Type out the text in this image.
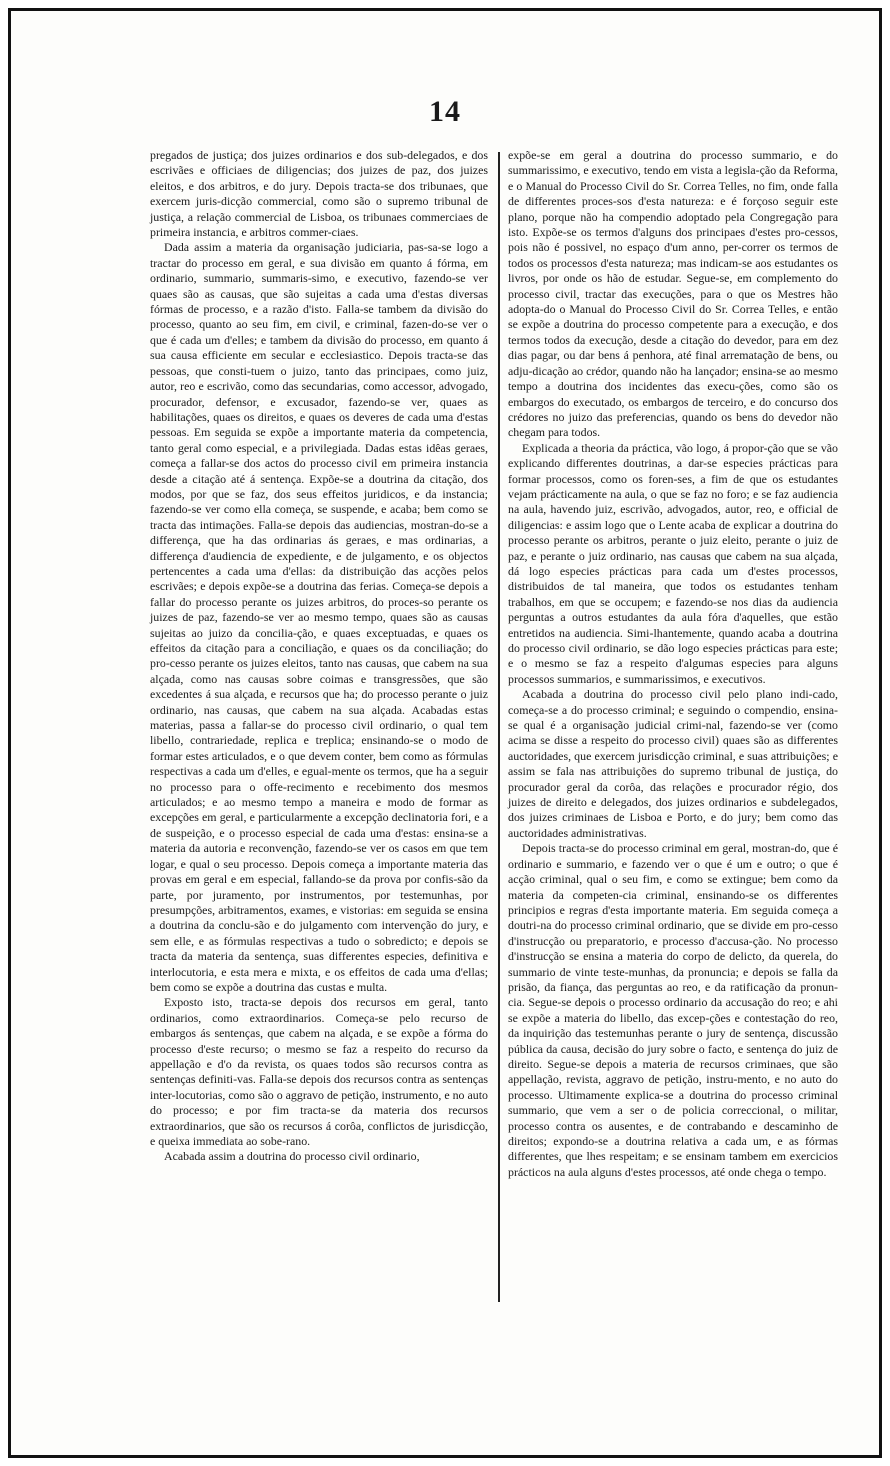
14

pregados de justiça; dos juizes ordinarios e dos sub-delegados, e dos escrivães e officiaes de diligencias; dos juizes de paz, dos juizes eleitos, e dos arbitros, e do jury. Depois tracta-se dos tribunaes, que exercem juris-dicção commercial, como são o supremo tribunal de justiça, a relação commercial de Lisboa, os tribunaes commerciaes de primeira instancia, e arbitros commer-ciaes.

Dada assim a materia da organisação judiciaria, pas-sa-se logo a tractar do processo em geral, e sua divisão em quanto á fórma, em ordinario, summario, summaris-simo, e executivo, fazendo-se ver quaes são as causas, que são sujeitas a cada uma d'estas diversas fórmas de processo, e a razão d'isto. Falla-se tambem da divisão do processo, quanto ao seu fim, em civil, e criminal, fazen-do-se ver o que é cada um d'elles; e tambem da divisão do processo, em quanto á sua causa efficiente em secular e ecclesiastico. Depois tracta-se das pessoas, que consti-tuem o juizo, tanto das principaes, como juiz, autor, reo e escrivão, como das secundarias, como accessor, advogado, procurador, defensor, e excusador, fazendo-se ver, quaes as habilitações, quaes os direitos, e quaes os deveres de cada uma d'estas pessoas. Em seguida se expõe a importante materia da competencia, tanto geral como especial, e a privilegiada. Dadas estas idêas geraes, começa a fallar-se dos actos do processo civil em primeira instancia desde a citação até á sentença. Expõe-se a doutrina da citação, dos modos, por que se faz, dos seus effeitos juridicos, e da instancia; fazendo-se ver como ella começa, se suspende, e acaba; bem como se tracta das intimações. Falla-se depois das audiencias, mostran-do-se a differença, que ha das ordinarias ás geraes, e mas ordinarias, a differença d'audiencia de expediente, e de julgamento, e os objectos pertencentes a cada uma d'ellas: da distribuição das acções pelos escrivães; e depois expõe-se a doutrina das ferias. Começa-se depois a fallar do processo perante os juizes arbitros, do proces-so perante os juizes de paz, fazendo-se ver ao mesmo tempo, quaes são as causas sujeitas ao juizo da concilia-ção, e quaes exceptuadas, e quaes os effeitos da citação para a conciliação, e quaes os da conciliação; do pro-cesso perante os juizes eleitos, tanto nas causas, que cabem na sua alçada, como nas causas sobre coimas e transgressões, que são excedentes á sua alçada, e recursos que ha; do processo perante o juiz ordinario, nas causas, que cabem na sua alçada. Acabadas estas materias, passa a fallar-se do processo civil ordinario, o qual tem libello, contrariedade, replica e treplica; ensinando-se o modo de formar estes articulados, e o que devem conter, bem como as fórmulas respectivas a cada um d'elles, e egual-mente os termos, que ha a seguir no processo para o offe-recimento e recebimento dos mesmos articulados; e ao mesmo tempo a maneira e modo de formar as excepções em geral, e particularmente a excepção declinatoria fori, e a de suspeição, e o processo especial de cada uma d'estas: ensina-se a materia da autoria e reconvenção, fazendo-se ver os casos em que tem logar, e qual o seu processo. Depois começa a importante materia das provas em geral e em especial, fallando-se da prova por confis-são da parte, por juramento, por instrumentos, por testemunhas, por presumpções, arbitramentos, exames, e vistorias: em seguida se ensina a doutrina da conclu-são e do julgamento com intervenção do jury, e sem elle, e as fórmulas respectivas a tudo o sobredicto; e depois se tracta da materia da sentença, suas differentes especies, definitiva e interlocutoria, e esta mera e mixta, e os effeitos de cada uma d'ellas; bem como se expõe a doutrina das custas e multa.

Exposto isto, tracta-se depois dos recursos em geral, tanto ordinarios, como extraordinarios. Começa-se pelo recurso de embargos ás sentenças, que cabem na alçada, e se expõe a fórma do processo d'este recurso; o mesmo se faz a respeito do recurso da appellação e d'o da revista, os quaes todos são recursos contra as sentenças definiti-vas. Falla-se depois dos recursos contra as sentenças inter-locutorias, como são o aggravo de petição, instrumento, e no auto do processo; e por fim tracta-se da materia dos recursos extraordinarios, que são os recursos á corôa, conflictos de jurisdicção, e queixa immediata ao sobe-rano.

Acabada assim a doutrina do processo civil ordinario,

expõe-se em geral a doutrina do processo summario, e do summarissimo, e executivo, tendo em vista a legisla-ção da Reforma, e o Manual do Processo Civil do Sr. Correa Telles, no fim, onde falla de differentes proces-sos d'esta natureza: e é forçoso seguir este plano, porque não ha compendio adoptado pela Congregação para isto. Expõe-se os termos d'alguns dos principaes d'estes pro-cessos, pois não é possivel, no espaço d'um anno, per-correr os termos de todos os processos d'esta natureza; mas indicam-se aos estudantes os livros, por onde os hão de estudar. Segue-se, em complemento do processo civil, tractar das execuções, para o que os Mestres hão adopta-do o Manual do Processo Civil do Sr. Correa Telles, e então se expõe a doutrina do processo competente para a execução, e dos termos todos da execução, desde a citação do devedor, para em dez dias pagar, ou dar bens á penhora, até final arrematação de bens, ou adju-dicação ao crédor, quando não ha lançador; ensina-se ao mesmo tempo a doutrina dos incidentes das execu-ções, como são os embargos do executado, os embargos de terceiro, e do concurso dos crédores no juizo das preferencias, quando os bens do devedor não chegam para todos.

Explicada a theoria da práctica, vão logo, á propor-ção que se vão explicando differentes doutrinas, a dar-se especies prácticas para formar processos, como os foren-ses, a fim de que os estudantes vejam prácticamente na aula, o que se faz no foro; e se faz audiencia na aula, havendo juiz, escrivão, advogados, autor, reo, e official de diligencias: e assim logo que o Lente acaba de explicar a doutrina do processo perante os arbitros, perante o juiz eleito, perante o juiz de paz, e perante o juiz ordinario, nas causas que cabem na sua alçada, dá logo especies prácticas para cada um d'estes processos, distribuidos de tal maneira, que todos os estudantes tenham trabalhos, em que se occupem; e fazendo-se nos dias da audiencia perguntas a outros estudantes da aula fóra d'aquelles, que estão entretidos na audiencia. Simi-lhantemente, quando acaba a doutrina do processo civil ordinario, se dão logo especies prácticas para este; e o mesmo se faz a respeito d'algumas especies para alguns processos summarios, e summarissimos, e executivos.

Acabada a doutrina do processo civil pelo plano indi-cado, começa-se a do processo criminal; e seguindo o compendio, ensina-se qual é a organisação judicial crimi-nal, fazendo-se ver (como acima se disse a respeito do processo civil) quaes são as differentes auctoridades, que exercem jurisdicção criminal, e suas attribuições; e assim se fala nas attribuições do supremo tribunal de justiça, do procurador geral da corôa, das relações e procurador régio, dos juizes de direito e delegados, dos juizes ordinarios e subdelegados, dos juizes criminaes de Lisboa e Porto, e do jury; bem como das auctoridades administrativas.

Depois tracta-se do processo criminal em geral, mostran-do, que é ordinario e summario, e fazendo ver o que é um e outro; o que é acção criminal, qual o seu fim, e como se extingue; bem como da materia da competen-cia criminal, ensinando-se os differentes principios e regras d'esta importante materia. Em seguida começa a doutri-na do processo criminal ordinario, que se divide em pro-cesso d'instrucção ou preparatorio, e processo d'accusa-ção. No processo d'instrucção se ensina a materia do corpo de delicto, da querela, do summario de vinte teste-munhas, da pronuncia; e depois se falla da prisão, da fiança, das perguntas ao reo, e da ratificação da pronun-cia. Segue-se depois o processo ordinario da accusação do reo; e ahi se expõe a materia do libello, das excep-ções e contestação do reo, da inquirição das testemunhas perante o jury de sentença, discussão pública da causa, decisão do jury sobre o facto, e sentença do juiz de direito. Segue-se depois a materia de recursos criminaes, que são appellação, revista, aggravo de petição, instru-mento, e no auto do processo. Ultimamente explica-se a doutrina do processo criminal summario, que vem a ser o de policia correccional, o militar, processo contra os ausentes, e de contrabando e descaminho de direitos; expondo-se a doutrina relativa a cada um, e as fórmas differentes, que lhes respeitam; e se ensinam tambem em exercicios prácticos na aula alguns d'estes processos, até onde chega o tempo.
